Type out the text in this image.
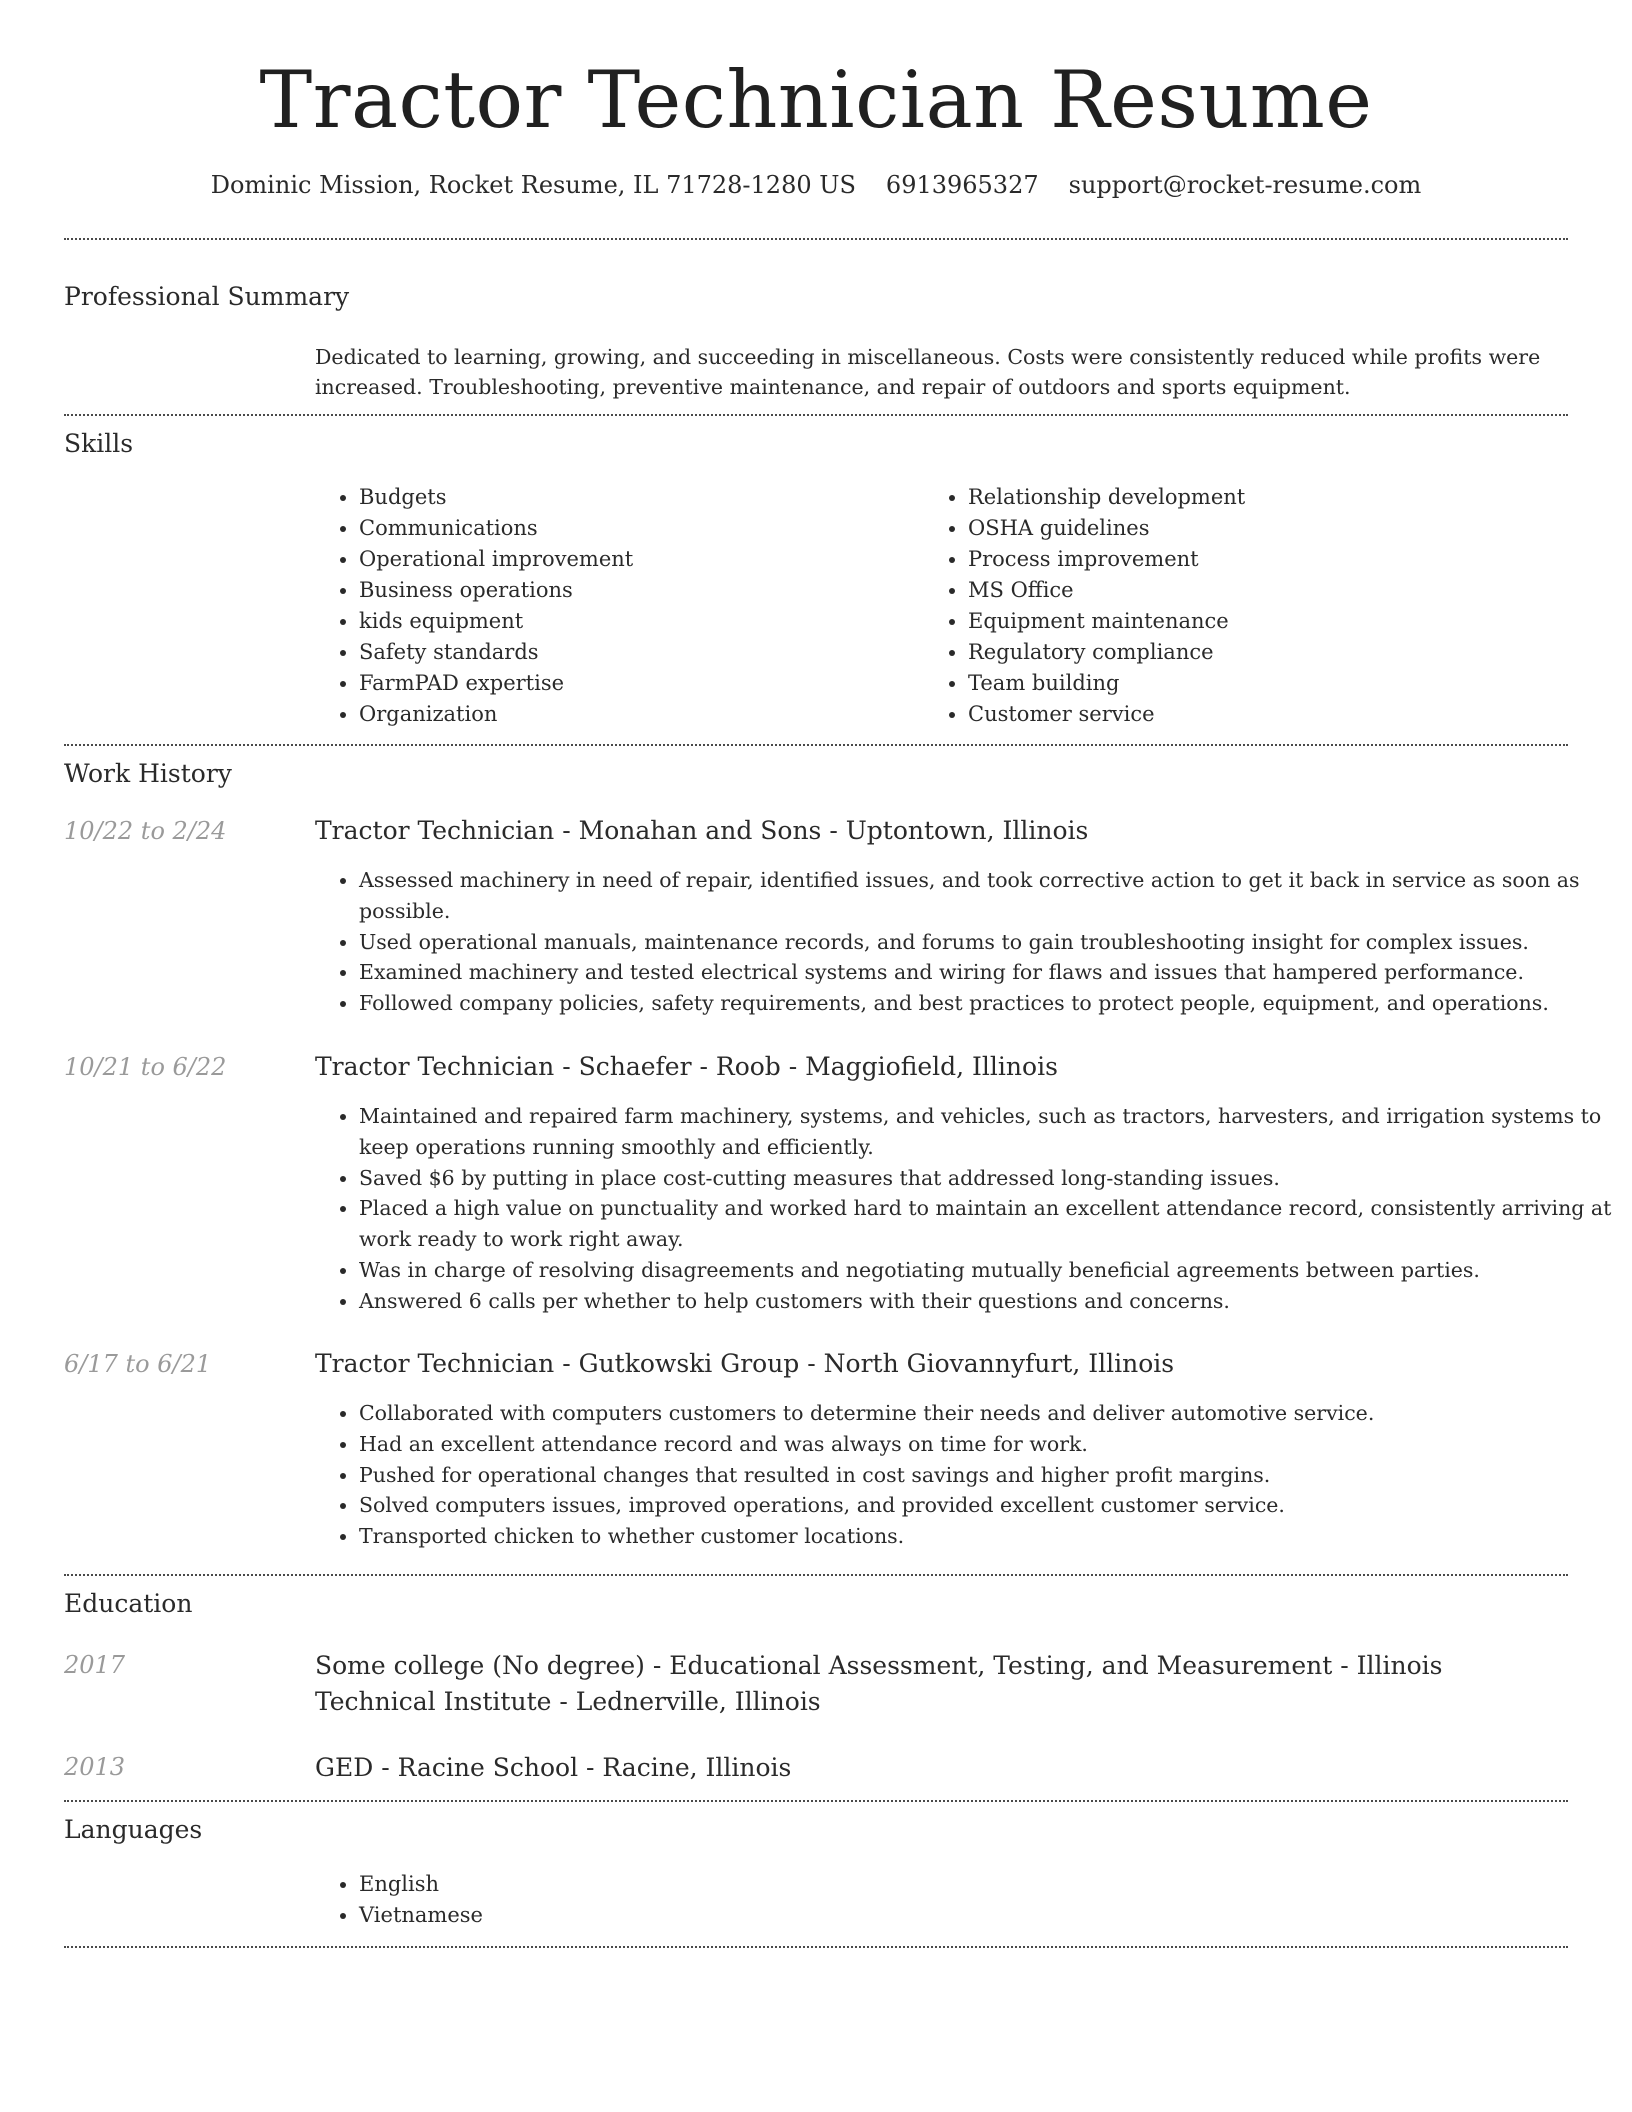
Tractor Technician Resume
Dominic Mission, Rocket Resume, IL 71728-1280 US 6913965327 support@rocket-resume.com
Professional Summary

Dedicated to learning, growing, and succeeding in miscellaneous. Costs were consistently reduced while profits were increased. Troubleshooting, preventive maintenance, and repair of outdoors and sports equipment.

Skills
• Budgets
• Communications
• Operational improvement
• Business operations
• kids equipment
• Safety standards
• FarmPAD expertise
• Organization
• Relationship development
• OSHA guidelines
• Process improvement
• MS Office
• Equipment maintenance
• Regulatory compliance
• Team building
• Customer service
Work History
10/22 to 2/24	Tractor Technician - Monahan and Sons - Uptontown, Illinois
• Assessed machinery in need of repair, identified issues, and took corrective action to get it back in service as soon as possible.
• Used operational manuals, maintenance records, and forums to gain troubleshooting insight for complex issues.
• Examined machinery and tested electrical systems and wiring for flaws and issues that hampered performance.
• Followed company policies, safety requirements, and best practices to protect people, equipment, and operations.
10/21 to 6/22	Tractor Technician - Schaefer - Roob - Maggiofield, Illinois
• Maintained and repaired farm machinery, systems, and vehicles, such as tractors, harvesters, and irrigation systems to keep operations running smoothly and efficiently.
• Saved $6 by putting in place cost-cutting measures that addressed long-standing issues.
• Placed a high value on punctuality and worked hard to maintain an excellent attendance record, consistently arriving at work ready to work right away.
• Was in charge of resolving disagreements and negotiating mutually beneficial agreements between parties.
• Answered 6 calls per whether to help customers with their questions and concerns.
6/17 to 6/21	Tractor Technician - Gutkowski Group - North Giovannyfurt, Illinois
• Collaborated with computers customers to determine their needs and deliver automotive service.
• Had an excellent attendance record and was always on time for work.
• Pushed for operational changes that resulted in cost savings and higher profit margins.
• Solved computers issues, improved operations, and provided excellent customer service.
• Transported chicken to whether customer locations.
Education
2017	Some college (No degree) - Educational Assessment, Testing, and Measurement - Illinois Technical Institute - Lednerville, Illinois
2013	GED - Racine School - Racine, Illinois
Languages
• English
• Vietnamese
